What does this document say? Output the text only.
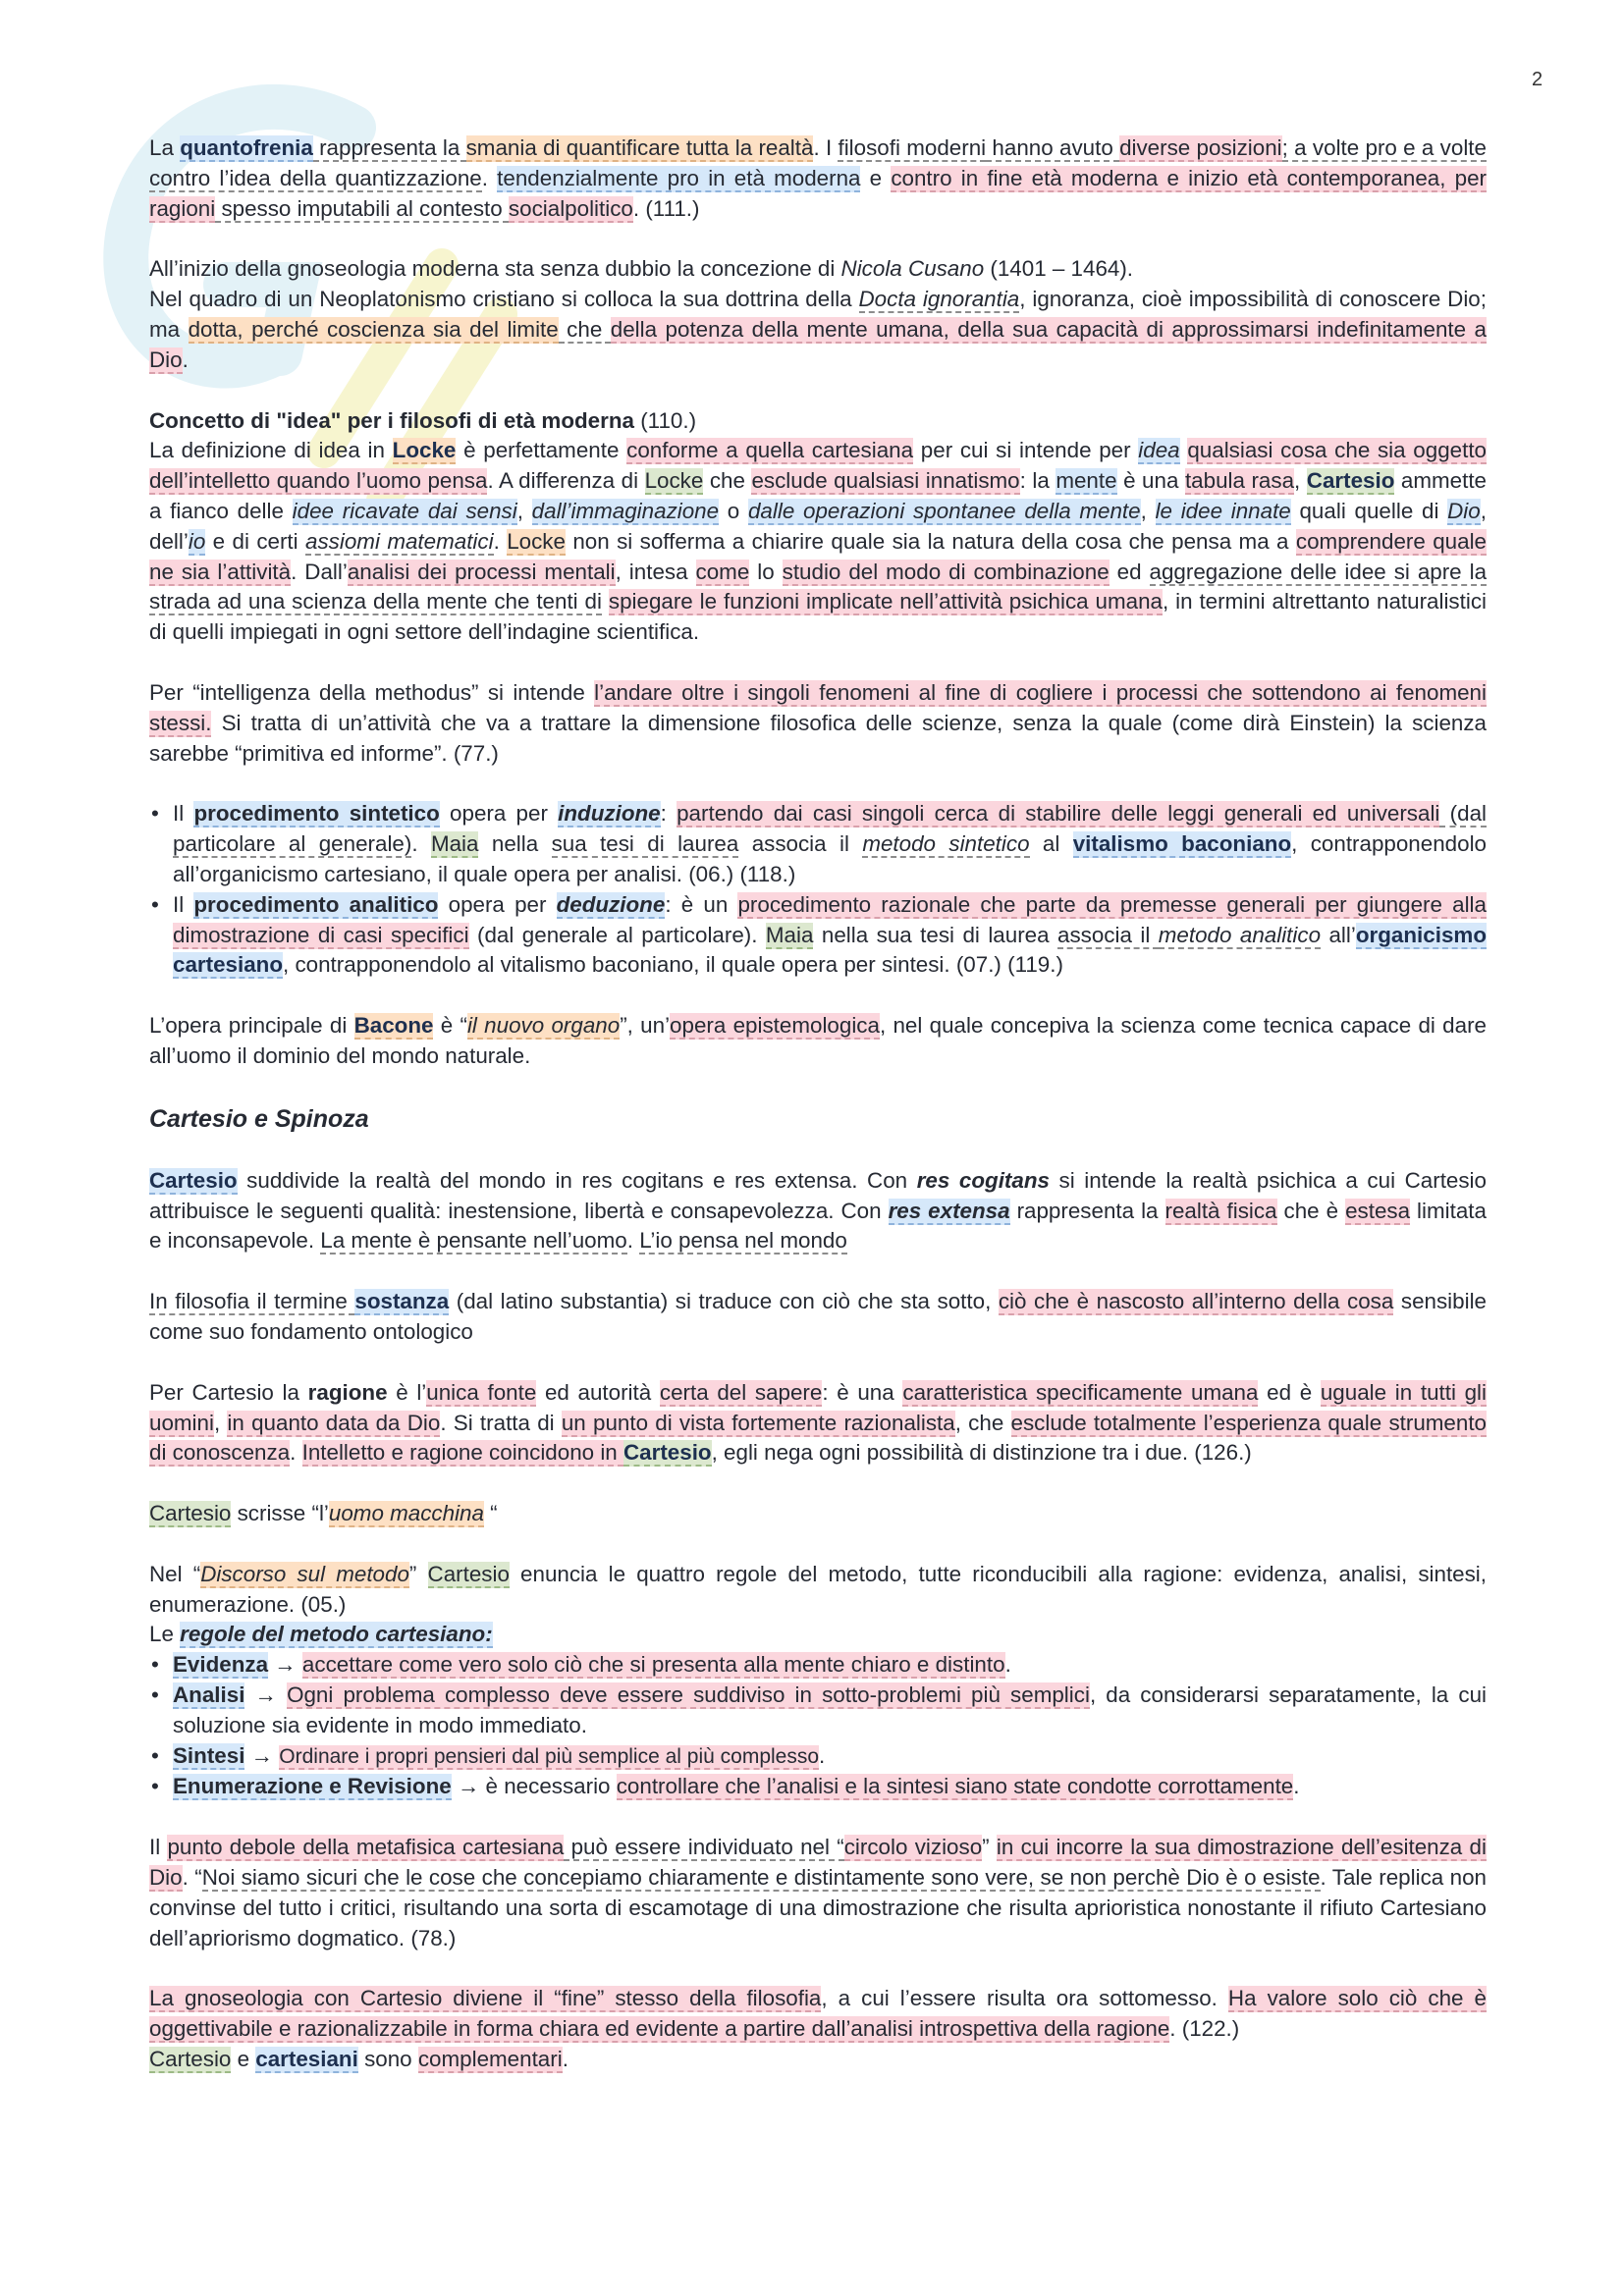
2

La quantofrenia rappresenta la smania di quantificare tutta la realtà. I filosofi moderni hanno avuto diverse posizioni; a volte pro e a volte contro l’idea della quantizzazione. tendenzialmente pro in età moderna e contro in fine età moderna e inizio età contemporanea, per ragioni spesso imputabili al contesto socialpolitico. (111.)

All’inizio della gnoseologia moderna sta senza dubbio la concezione di Nicola Cusano (1401 – 1464).
Nel quadro di un Neoplatonismo cristiano si colloca la sua dottrina della Docta ignorantia, ignoranza, cioè impossibilità di conoscere Dio; ma dotta, perché coscienza sia del limite che della potenza della mente umana, della sua capacità di approssimarsi indefinitamente a Dio.

Concetto di "idea" per i filosofi di età moderna (110.)

La definizione di idea in Locke è perfettamente conforme a quella cartesiana per cui si intende per idea qualsiasi cosa che sia oggetto dell’intelletto quando l’uomo pensa. A differenza di Locke che esclude qualsiasi innatismo: la mente è una tabula rasa, Cartesio ammette a fianco delle idee ricavate dai sensi, dall’immaginazione o dalle operazioni spontanee della mente, le idee innate quali quelle di Dio, dell’io e di certi assiomi matematici. Locke non si sofferma a chiarire quale sia la natura della cosa che pensa ma a comprendere quale ne sia l’attività. Dall’analisi dei processi mentali, intesa come lo studio del modo di combinazione ed aggregazione delle idee si apre la strada ad una scienza della mente che tenti di spiegare le funzioni implicate nell’attività psichica umana, in termini altrettanto naturalistici di quelli impiegati in ogni settore dell’indagine scientifica.

Per “intelligenza della methodus” si intende l’andare oltre i singoli fenomeni al fine di cogliere i processi che sottendono ai fenomeni stessi. Si tratta di un’attività che va a trattare la dimensione filosofica delle scienze, senza la quale (come dirà Einstein) la scienza sarebbe “primitiva ed informe”. (77.)

• Il procedimento sintetico opera per induzione: partendo dai casi singoli cerca di stabilire delle leggi generali ed universali (dal particolare al generale). Maia nella sua tesi di laurea associa il metodo sintetico al vitalismo baconiano, contrapponendolo all’organicismo cartesiano, il quale opera per analisi. (06.) (118.)
• Il procedimento analitico opera per deduzione: è un procedimento razionale che parte da premesse generali per giungere alla dimostrazione di casi specifici (dal generale al particolare). Maia nella sua tesi di laurea associa il metodo analitico all’organicismo cartesiano, contrapponendolo al vitalismo baconiano, il quale opera per sintesi. (07.) (119.)

L’opera principale di Bacone è “il nuovo organo”, un’opera epistemologica, nel quale concepiva la scienza come tecnica capace di dare all’uomo il dominio del mondo naturale.

Cartesio e Spinoza

Cartesio suddivide la realtà del mondo in res cogitans e res extensa. Con res cogitans si intende la realtà psichica a cui Cartesio attribuisce le seguenti qualità: inestensione, libertà e consapevolezza. Con res extensa rappresenta la realtà fisica che è estesa limitata e inconsapevole. La mente è pensante nell’uomo. L’io pensa nel mondo

In filosofia il termine sostanza (dal latino substantia) si traduce con ciò che sta sotto, ciò che è nascosto all’interno della cosa sensibile come suo fondamento ontologico

Per Cartesio la ragione è l’unica fonte ed autorità certa del sapere: è una caratteristica specificamente umana ed è uguale in tutti gli uomini, in quanto data da Dio. Si tratta di un punto di vista fortemente razionalista, che esclude totalmente l’esperienza quale strumento di conoscenza. Intelletto e ragione coincidono in Cartesio, egli nega ogni possibilità di distinzione tra i due. (126.)

Cartesio scrisse “l’uomo macchina “

Nel “Discorso sul metodo” Cartesio enuncia le quattro regole del metodo, tutte riconducibili alla ragione: evidenza, analisi, sintesi, enumerazione. (05.)
Le regole del metodo cartesiano:

• Evidenza → accettare come vero solo ciò che si presenta alla mente chiaro e distinto.
• Analisi → Ogni problema complesso deve essere suddiviso in sotto-problemi più semplici, da considerarsi separatamente, la cui soluzione sia evidente in modo immediato.
• Sintesi → Ordinare i propri pensieri dal più semplice al più complesso.
• Enumerazione e Revisione → è necessario controllare che l’analisi e la sintesi siano state condotte corrottamente.

Il punto debole della metafisica cartesiana può essere individuato nel “circolo vizioso” in cui incorre la sua dimostrazione dell’esitenza di Dio. “Noi siamo sicuri che le cose che concepiamo chiaramente e distintamente sono vere, se non perchè Dio è o esiste. Tale replica non convinse del tutto i critici, risultando una sorta di escamotage di una dimostrazione che risulta aprioristica nonostante il rifiuto Cartesiano dell’apriorismo dogmatico. (78.)

La gnoseologia con Cartesio diviene il “fine” stesso della filosofia, a cui l’essere risulta ora sottomesso. Ha valore solo ciò che è oggettivabile e razionalizzabile in forma chiara ed evidente a partire dall’analisi introspettiva della ragione. (122.)
Cartesio e cartesiani sono complementari.
